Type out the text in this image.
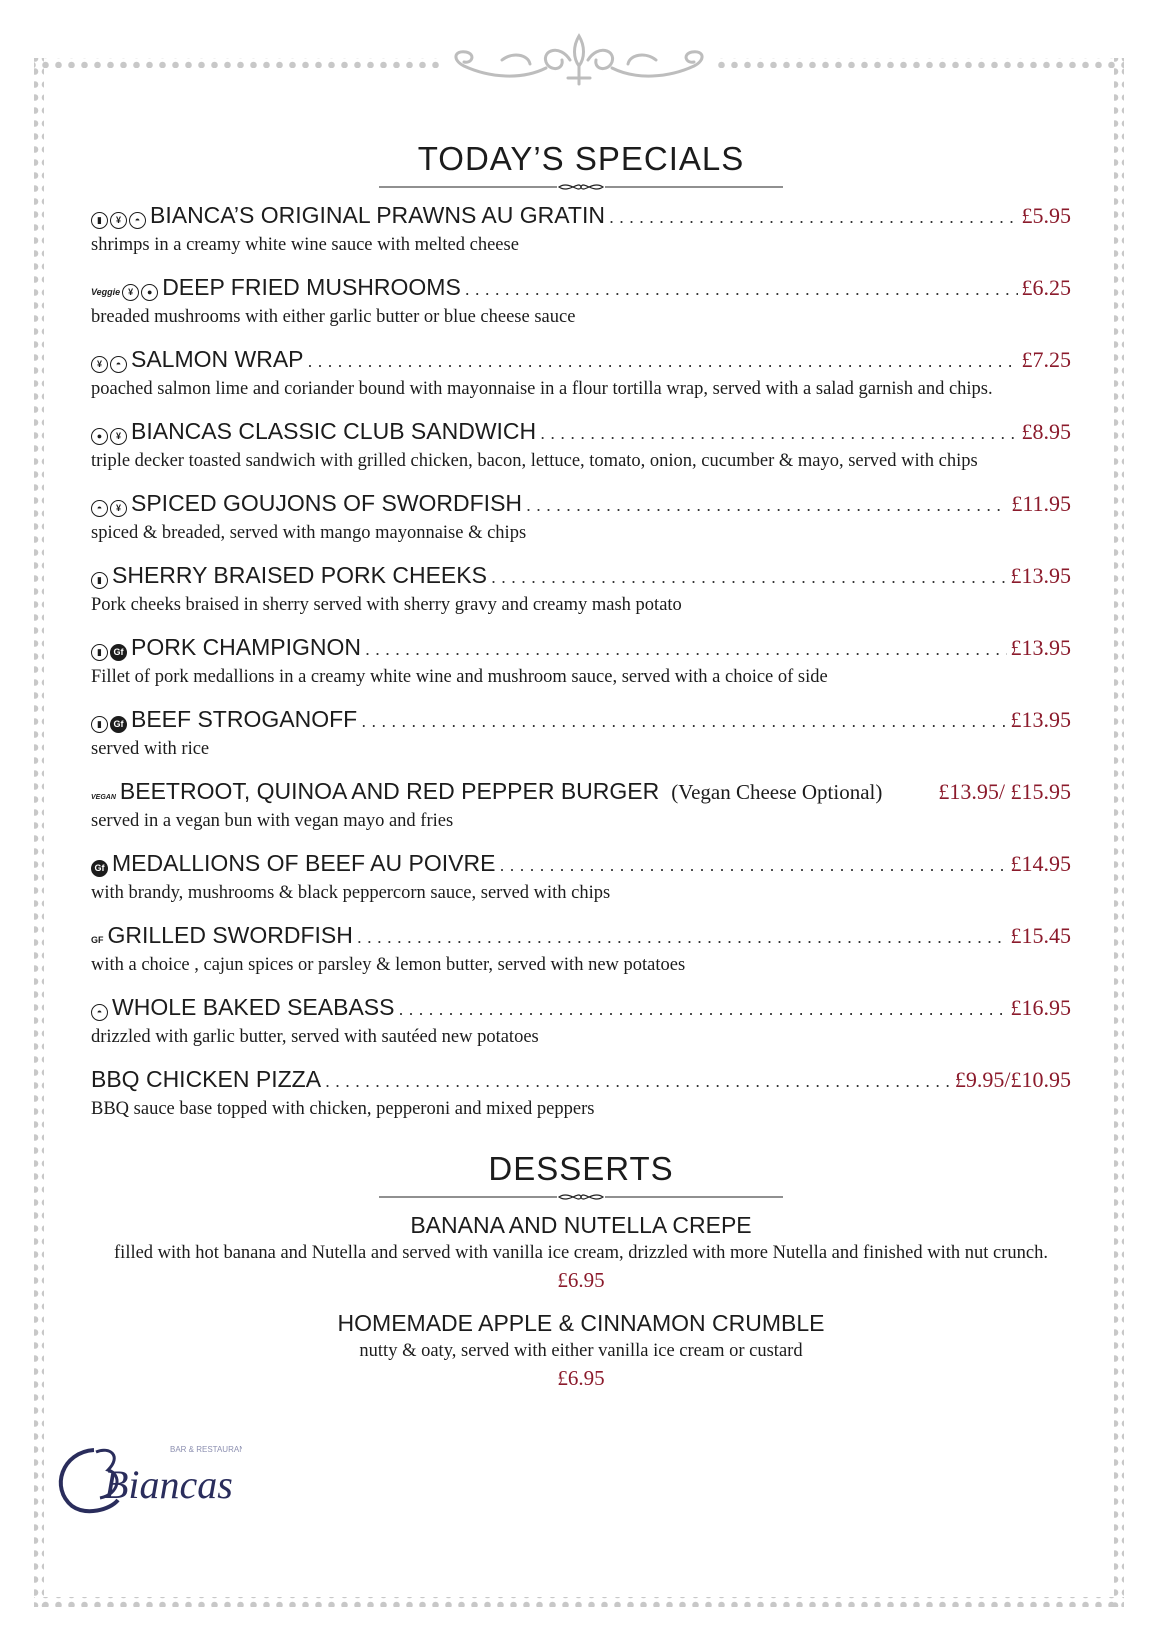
TODAY’S SPECIALS
▮	¥	◓ BIANCA’S ORIGINAL PRAWNS AU GRATIN . . .	£5.95
shrimps in a creamy white wine sauce with melted cheese
Veggie ¥	● DEEP FRIED MUSHROOMS . . .	£6.25
breaded mushrooms with either garlic butter or blue cheese sauce
¥	◓ SALMON WRAP . . .	£7.25
poached salmon lime and coriander bound with mayonnaise in a flour tortilla wrap, served with a salad garnish and chips.
●	¥ BIANCAS CLASSIC CLUB SANDWICH . . .	£8.95
triple decker toasted sandwich with grilled chicken, bacon, lettuce, tomato, onion, cucumber & mayo, served with chips
◓	¥ SPICED GOUJONS OF SWORDFISH . . .	£11.95
spiced & breaded, served with mango mayonnaise & chips
▮ SHERRY BRAISED PORK CHEEKS . . .	£13.95
Pork cheeks braised in sherry served with sherry gravy and creamy mash potato
▮	Gf PORK CHAMPIGNON . . .	£13.95
Fillet of pork medallions in a creamy white wine and mushroom sauce, served with a choice of side
▮	Gf BEEF STROGANOFF . . .	£13.95
served with rice
VEGAN BEETROOT, QUINOA AND RED PEPPER BURGER (Vegan Cheese Optional)	£13.95/ £15.95
served in a vegan bun with vegan mayo and fries
Gf MEDALLIONS OF BEEF AU POIVRE . . .	£14.95
with brandy, mushrooms & black peppercorn sauce, served with chips
GF GRILLED SWORDFISH . . .	£15.45
with a choice , cajun spices or parsley & lemon butter, served with new potatoes
◓ WHOLE BAKED SEABASS . . .	£16.95
drizzled with garlic butter, served with sautéed new potatoes
BBQ CHICKEN PIZZA . . .	£9.95/£10.95
BBQ sauce base topped with chicken, pepperoni and mixed peppers
DESSERTS
BANANA AND NUTELLA CREPE
filled with hot banana and Nutella and served with vanilla ice cream, drizzled with more Nutella and finished with nut crunch.
£6.95
HOMEMADE APPLE & CINNAMON CRUMBLE
nutty & oaty, served with either vanilla ice cream or custard
£6.95
Biancas
BAR & RESTAURANT
